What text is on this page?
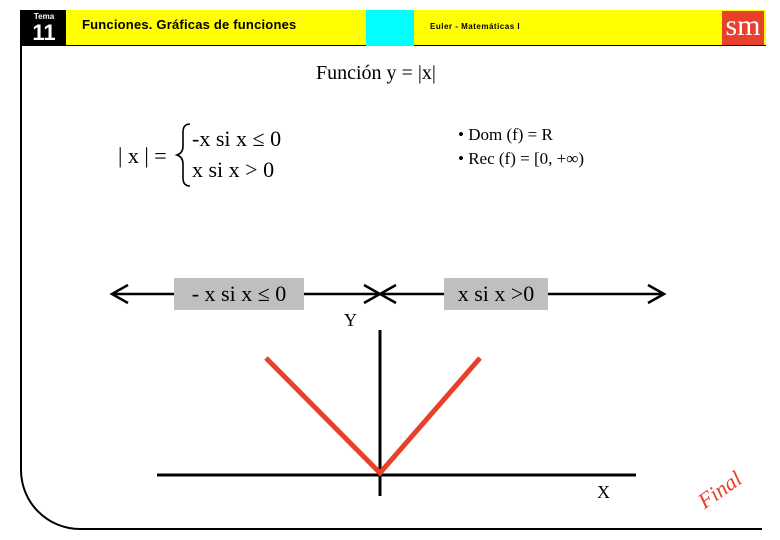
Tema
11	Funciones. Gráficas de funciones	Euler - Matemáticas I	sm
Función y = |x|
| x | =
-x si x ≤ 0
x si x > 0
• Dom (f) = R
• Rec (f) = [0, +∞)
- x si x ≤ 0	x si x >0
Y
X	Final
